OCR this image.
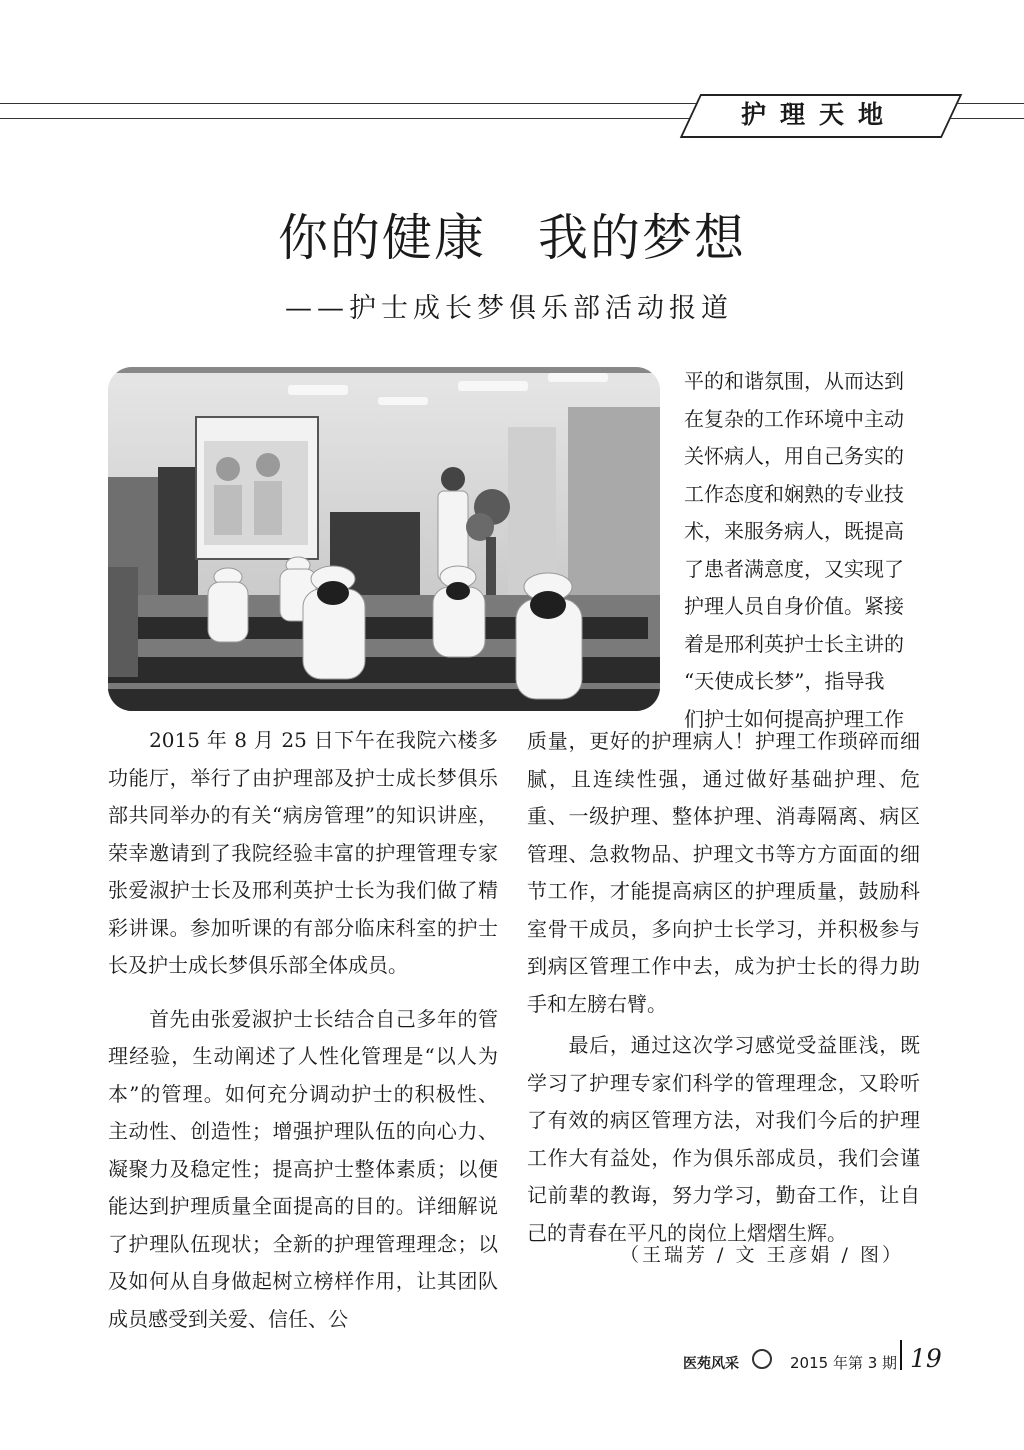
护理天地
你的健康　我的梦想
——护士成长梦俱乐部活动报道
平的和谐氛围，从而达到
在复杂的工作环境中主动
关怀病人，用自己务实的
工作态度和娴熟的专业技
术，来服务病人，既提高
了患者满意度，又实现了
护理人员自身价值。紧接
着是邢利英护士长主讲的
“天使成长梦”，指导我
们护士如何提高护理工作

　　2015 年 8 月 25 日下午在我院六楼多功能厅，举行了由护理部及护士成长梦俱乐部共同举办的有关“病房管理”的知识讲座，荣幸邀请到了我院经验丰富的护理管理专家张爱淑护士长及邢利英护士长为我们做了精彩讲课。参加听课的有部分临床科室的护士长及护士成长梦俱乐部全体成员。

　　首先由张爱淑护士长结合自己多年的管理经验，生动阐述了人性化管理是“以人为本”的管理。如何充分调动护士的积极性、主动性、创造性；增强护理队伍的向心力、凝聚力及稳定性；提高护士整体素质；以便能达到护理质量全面提高的目的。详细解说了护理队伍现状；全新的护理管理理念；以及如何从自身做起树立榜样作用，让其团队成员感受到关爱、信任、公

质量，更好的护理病人！护理工作琐碎而细腻，且连续性强，通过做好基础护理、危重、一级护理、整体护理、消毒隔离、病区管理、急救物品、护理文书等方方面面的细节工作，才能提高病区的护理质量，鼓励科室骨干成员，多向护士长学习，并积极参与到病区管理工作中去，成为护士长的得力助手和左膀右臂。

　　最后，通过这次学习感觉受益匪浅，既学习了护理专家们科学的管理理念，又聆听了有效的病区管理方法，对我们今后的护理工作大有益处，作为俱乐部成员，我们会谨记前辈的教诲，努力学习，勤奋工作，让自己的青春在平凡的岗位上熠熠生辉。

（王瑞芳 / 文 王彦娟 / 图）
医苑风采	2015 年第 3 期 19
